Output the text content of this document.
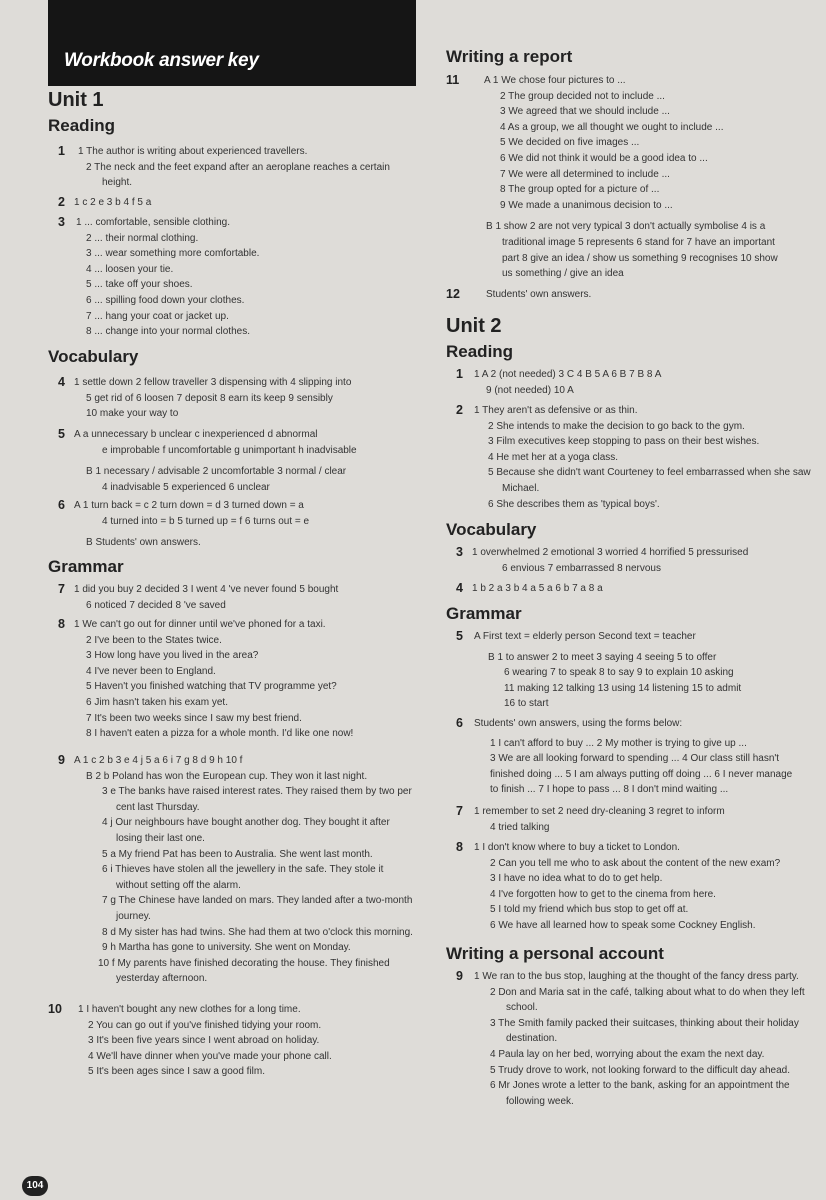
Workbook answer key
Unit 1
Reading
Vocabulary
Grammar
1 1 The author is writing about experienced travellers.
2 The neck and the feet expand after an aeroplane reaches a certain
height.
2 1 c 2 e 3 b 4 f 5 a
3 1 ... comfortable, sensible clothing.
2 ... their normal clothing.
3 ... wear something more comfortable.
4 ... loosen your tie.
5 ... take off your shoes.
6 ... spilling food down your clothes.
7 ... hang your coat or jacket up.
8 ... change into your normal clothes.
4 1 settle down 2 fellow traveller 3 dispensing with 4 slipping into
5 get rid of 6 loosen 7 deposit 8 earn its keep 9 sensibly
10 make your way to
5 A a unnecessary b unclear c inexperienced d abnormal
e improbable f uncomfortable g unimportant h inadvisable
B 1 necessary / advisable 2 uncomfortable 3 normal / clear
4 inadvisable 5 experienced 6 unclear
6 A 1 turn back = c 2 turn down = d 3 turned down = a
4 turned into = b 5 turned up = f 6 turns out = e
B Students' own answers.
7 1 did you buy 2 decided 3 I went 4 've never found 5 bought
6 noticed 7 decided 8 've saved
8 1 We can't go out for dinner until we've phoned for a taxi.
2 I've been to the States twice.
3 How long have you lived in the area?
4 I've never been to England.
5 Haven't you finished watching that TV programme yet?
6 Jim hasn't taken his exam yet.
7 It's been two weeks since I saw my best friend.
8 I haven't eaten a pizza for a whole month. I'd like one now!
9 A 1 c 2 b 3 e 4 j 5 a 6 i 7 g 8 d 9 h 10 f
B 2 b Poland has won the European cup. They won it last night.
3 e The banks have raised interest rates. They raised them by two per
cent last Thursday.
4 j Our neighbours have bought another dog. They bought it after
losing their last one.
5 a My friend Pat has been to Australia. She went last month.
6 i Thieves have stolen all the jewellery in the safe. They stole it
without setting off the alarm.
7 g The Chinese have landed on mars. They landed after a two-month
journey.
8 d My sister has had twins. She had them at two o'clock this morning.
9 h Martha has gone to university. She went on Monday.
10 f My parents have finished decorating the house. They finished
yesterday afternoon.
10 1 I haven't bought any new clothes for a long time.
2 You can go out if you've finished tidying your room.
3 It's been five years since I went abroad on holiday.
4 We'll have dinner when you've made your phone call.
5 It's been ages since I saw a good film.
Unit 2
Writing a report
Reading
Vocabulary
Grammar
Writing a personal account
11 A 1 We chose four pictures to ...
2 The group decided not to include ...
3 We agreed that we should include ...
4 As a group, we all thought we ought to include ...
5 We decided on five images ...
6 We did not think it would be a good idea to ...
7 We were all determined to include ...
8 The group opted for a picture of ...
9 We made a unanimous decision to ...
B 1 show 2 are not very typical 3 don't actually symbolise 4 is a
traditional image 5 represents 6 stand for 7 have an important
part 8 give an idea / show us something 9 recognises 10 show
us something / give an idea
12	Students' own answers.
1 1 A 2 (not needed) 3 C 4 B 5 A 6 B 7 B 8 A
9 (not needed) 10 A
2 1 They aren't as defensive or as thin.
2 She intends to make the decision to go back to the gym.
3 Film executives keep stopping to pass on their best wishes.
4 He met her at a yoga class.
5 Because she didn't want Courteney to feel embarrassed when she saw
Michael.
6 She describes them as 'typical boys'.
3 1 overwhelmed 2 emotional 3 worried 4 horrified 5 pressurised
6 envious 7 embarrassed 8 nervous
4 1 b 2 a 3 b 4 a 5 a 6 b 7 a 8 a
5 A First text = elderly person Second text = teacher
B 1 to answer 2 to meet 3 saying 4 seeing 5 to offer
6 wearing 7 to speak 8 to say 9 to explain 10 asking
11 making 12 talking 13 using 14 listening 15 to admit
16 to start
6 Students' own answers, using the forms below:
1 I can't afford to buy ... 2 My mother is trying to give up ...
3 We are all looking forward to spending ... 4 Our class still hasn't
finished doing ... 5 I am always putting off doing ... 6 I never manage
to finish ... 7 I hope to pass ... 8 I don't mind waiting ...
7 1 remember to set 2 need dry-cleaning 3 regret to inform
4 tried talking
8 1 I don't know where to buy a ticket to London.
2 Can you tell me who to ask about the content of the new exam?
3 I have no idea what to do to get help.
4 I've forgotten how to get to the cinema from here.
5 I told my friend which bus stop to get off at.
6 We have all learned how to speak some Cockney English.
9 1 We ran to the bus stop, laughing at the thought of the fancy dress party.
2 Don and Maria sat in the café, talking about what to do when they left
school.
3 The Smith family packed their suitcases, thinking about their holiday
destination.
4 Paula lay on her bed, worrying about the exam the next day.
5 Trudy drove to work, not looking forward to the difficult day ahead.
6 Mr Jones wrote a letter to the bank, asking for an appointment the
following week.
104
